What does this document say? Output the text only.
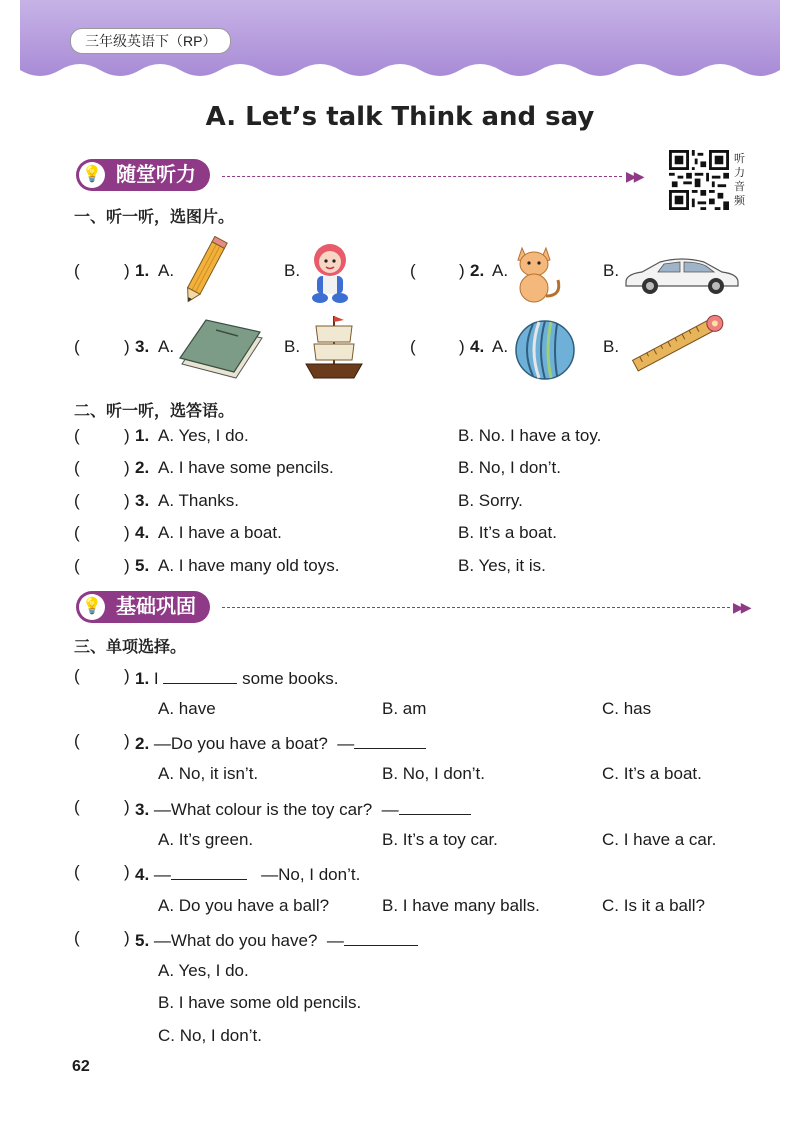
三年级英语下（RP）
A. Let’s talk Think and say
💡 随堂听力	▶▶
听力音频
一、听一听，选图片。
(	) 1. A.	B.	(	) 2. A.	B.
(	) 3. A.	B.	(	) 4. A.	B.
二、听一听，选答语。
(	) 1. A. Yes, I do.	B. No. I have a toy.
(	) 2. A. I have some pencils.	B. No, I don’t.
(	) 3. A. Thanks.	B. Sorry.
(	) 4. A. I have a boat.	B. It’s a boat.
(	) 5. A. I have many old toys.	B. Yes, it is.
💡 基础巩固	▶▶
三、单项选择。
(	) 1. I	some books.
A. have	B. am	C. has
(	) 2. —Do you have a boat? —
A. No, it isn’t.	B. No, I don’t.	C. It’s a boat.
(	) 3. —What colour is the toy car? —
A. It’s green.	B. It’s a toy car.	C. I have a car.
(	) 4. —	—No, I don’t.
A. Do you have a ball?	B. I have many balls.	C. Is it a ball?
(	) 5. —What do you have? —
A. Yes, I do.
B. I have some old pencils.
C. No, I don’t.
62
